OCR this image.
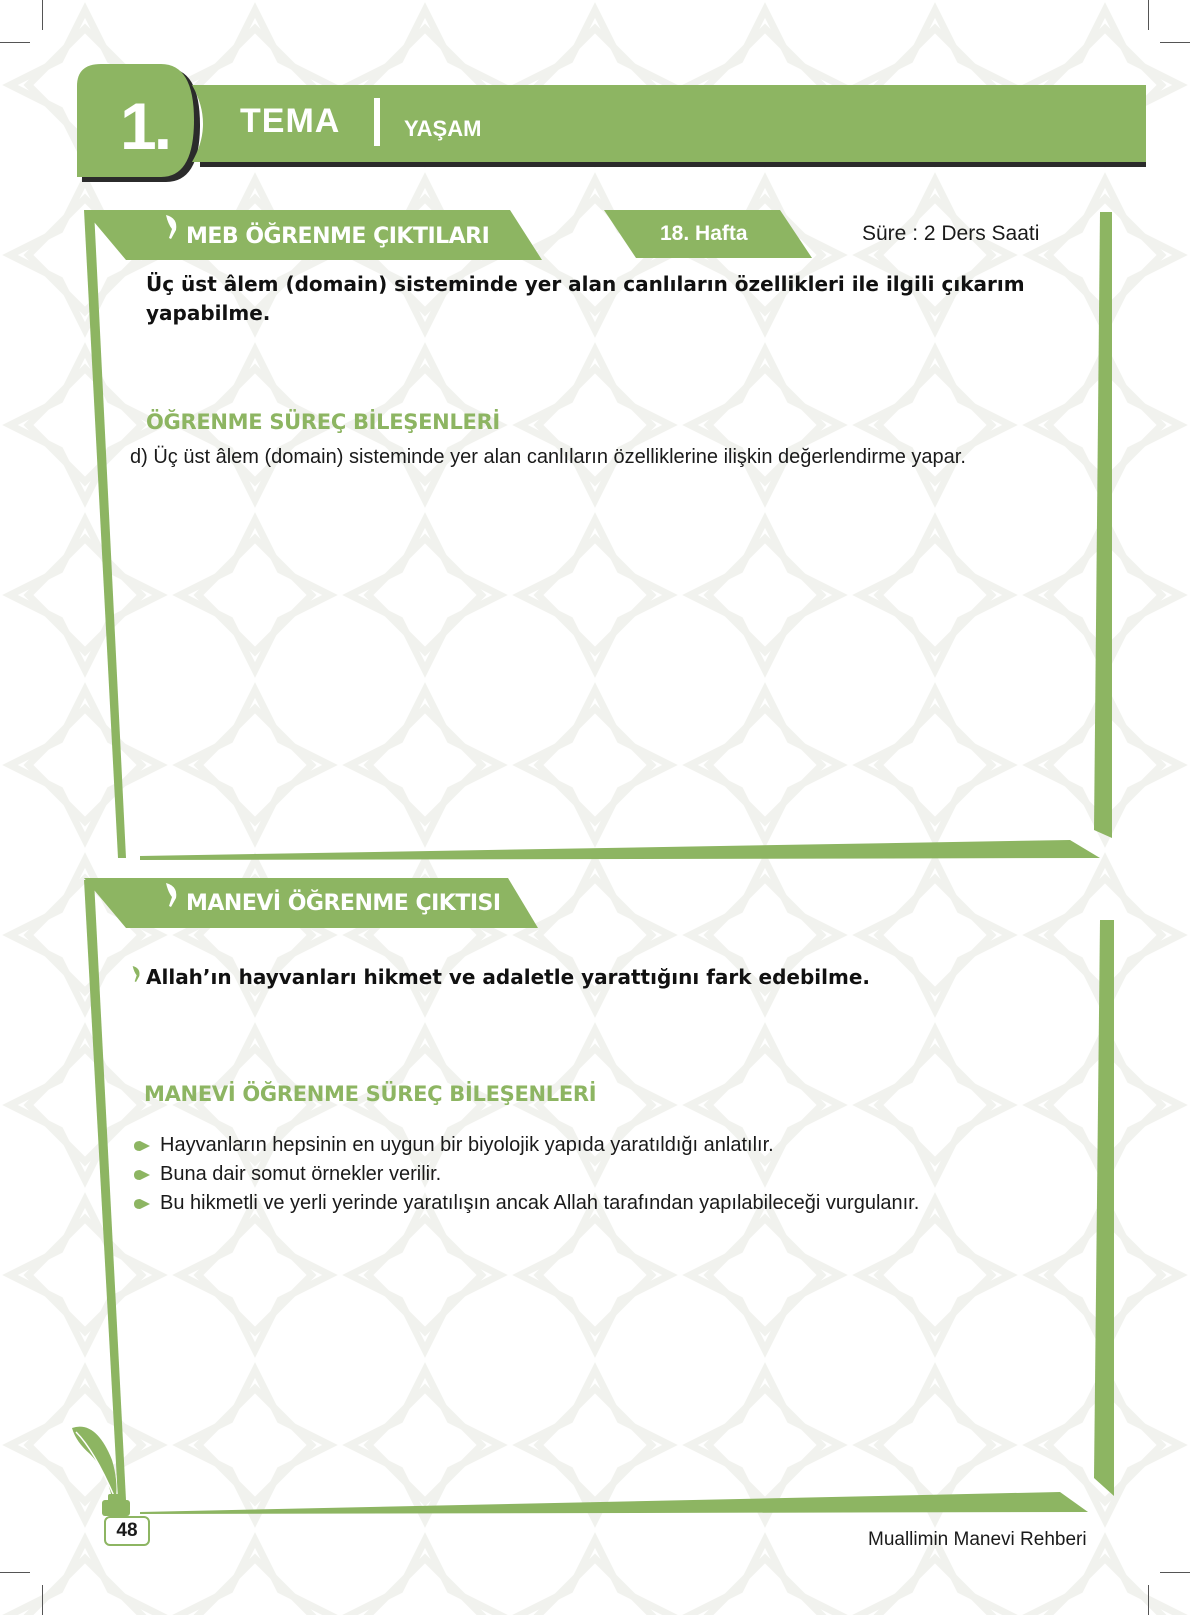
1. TEMA	YAŞAM
MEB ÖĞRENME ÇIKTILARI	18. Hafta	Süre : 2 Ders Saati
Üç üst âlem (domain) sisteminde yer alan canlıların özellikleri ile ilgili çıkarım yapabilme.
ÖĞRENME SÜREÇ BİLEŞENLERİ
d) Üç üst âlem (domain) sisteminde yer alan canlıların özelliklerine ilişkin değerlendirme yapar.
MANEVİ ÖĞRENME ÇIKTISI
Allah’ın hayvanları hikmet ve adaletle yarattığını fark edebilme.
MANEVİ ÖĞRENME SÜREÇ BİLEŞENLERİ
Hayvanların hepsinin en uygun bir biyolojik yapıda yaratıldığı anlatılır.
Buna dair somut örnekler verilir.
Bu hikmetli ve yerli yerinde yaratılışın ancak Allah tarafından yapılabileceği vurgulanır.
48	Muallimin Manevi Rehberi
